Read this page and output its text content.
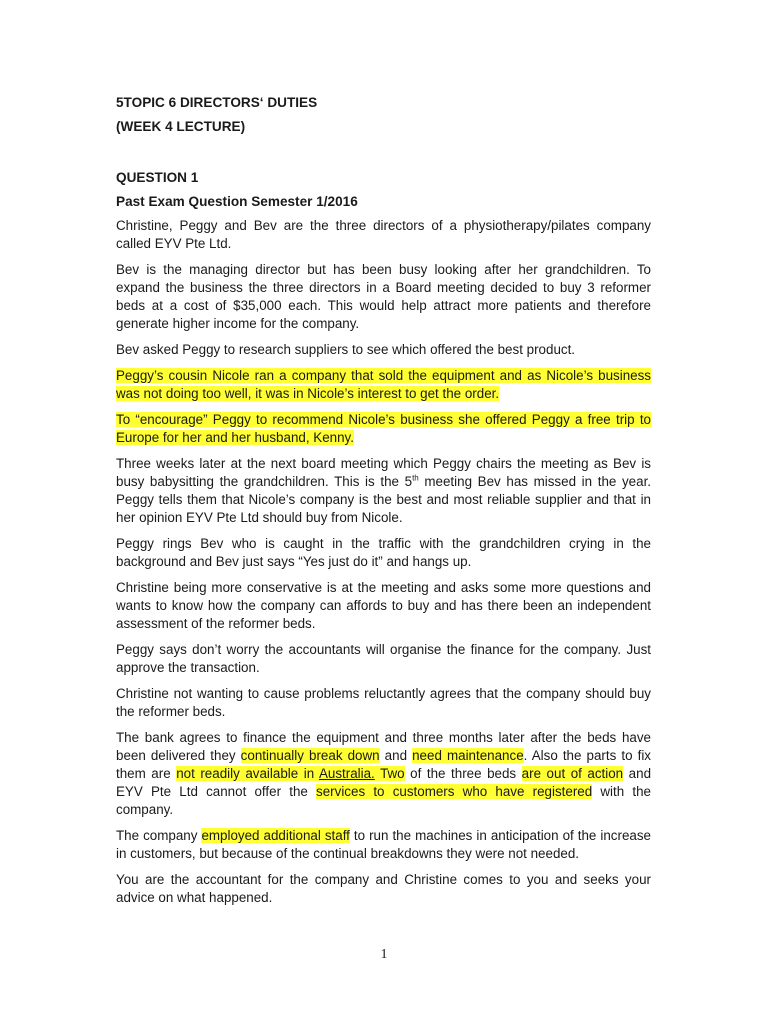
5TOPIC 6 DIRECTORS‘ DUTIES
(WEEK 4 LECTURE)
QUESTION 1
Past Exam Question Semester 1/2016

Christine, Peggy and Bev are the three directors of a physiotherapy/pilates company called EYV Pte Ltd.

Bev is the managing director but has been busy looking after her grandchildren. To expand the business the three directors in a Board meeting decided to buy 3 reformer beds at a cost of $35,000 each. This would help attract more patients and therefore generate higher income for the company.

Bev asked Peggy to research suppliers to see which offered the best product.

Peggy’s cousin Nicole ran a company that sold the equipment and as Nicole’s business was not doing too well, it was in Nicole’s interest to get the order.

To “encourage” Peggy to recommend Nicole’s business she offered Peggy a free trip to Europe for her and her husband, Kenny.

Three weeks later at the next board meeting which Peggy chairs the meeting as Bev is busy babysitting the grandchildren. This is the 5th meeting Bev has missed in the year. Peggy tells them that Nicole’s company is the best and most reliable supplier and that in her opinion EYV Pte Ltd should buy from Nicole.

Peggy rings Bev who is caught in the traffic with the grandchildren crying in the background and Bev just says “Yes just do it” and hangs up.

Christine being more conservative is at the meeting and asks some more questions and wants to know how the company can affords to buy and has there been an independent assessment of the reformer beds.

Peggy says don’t worry the accountants will organise the finance for the company. Just approve the transaction.

Christine not wanting to cause problems reluctantly agrees that the company should buy the reformer beds.

The bank agrees to finance the equipment and three months later after the beds have been delivered they continually break down and need maintenance. Also the parts to fix them are not readily available in Australia. Two of the three beds are out of action and EYV Pte Ltd cannot offer the services to customers who have registered with the company.

The company employed additional staff to run the machines in anticipation of the increase in customers, but because of the continual breakdowns they were not needed.

You are the accountant for the company and Christine comes to you and seeks your advice on what happened.

1
